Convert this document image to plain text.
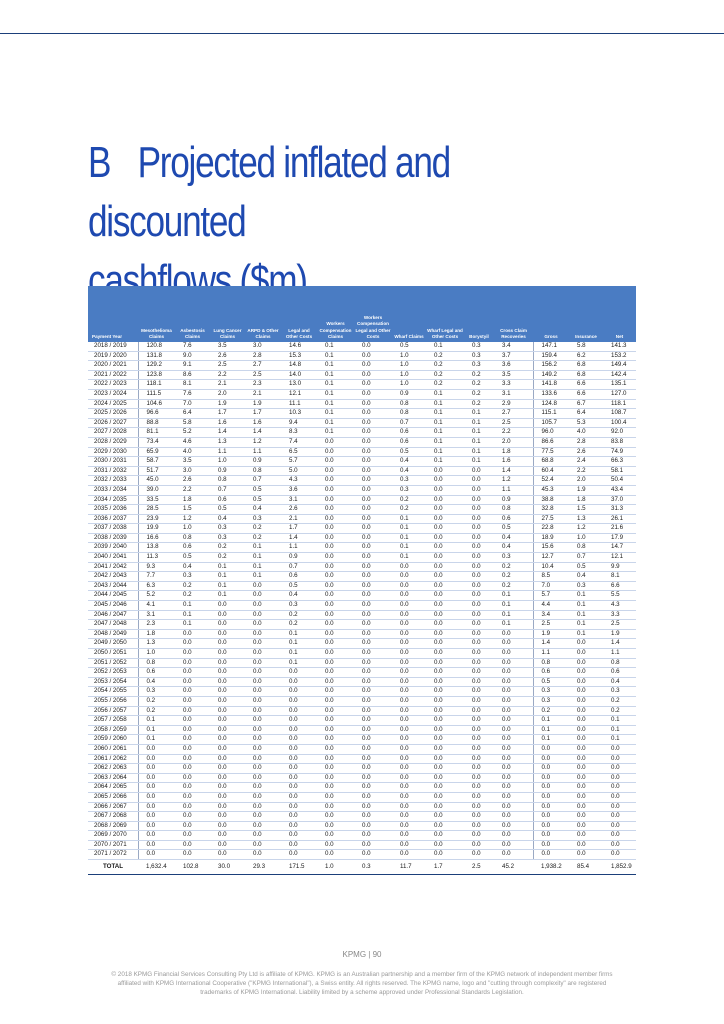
B Projected inflated and discounted
cashflows ($m)
Payment Year	Mesothelioma Claims	Asbestosis Claims	Lung Cancer Claims	ARPD & Other Claims	Legal and Other Costs	Workers Compensation Claims	Workers Compensation Legal and Other Costs	Wharf Claims	Wharf Legal and Other Costs	Borystyil	Cross Claim Recoveries	Gross	Insurance	Net
2018 / 2019	120.8	7.6	3.5	3.0	14.6	0.1	0.0	0.5	0.1	0.3	3.4	147.1	5.8	141.3
2019 / 2020	131.8	9.0	2.6	2.8	15.3	0.1	0.0	1.0	0.2	0.3	3.7	159.4	6.2	153.2
2020 / 2021	129.2	9.1	2.5	2.7	14.8	0.1	0.0	1.0	0.2	0.3	3.6	156.2	6.8	149.4
2021 / 2022	123.8	8.6	2.2	2.5	14.0	0.1	0.0	1.0	0.2	0.2	3.5	149.2	6.8	142.4
2022 / 2023	118.1	8.1	2.1	2.3	13.0	0.1	0.0	1.0	0.2	0.2	3.3	141.8	6.6	135.1
2023 / 2024	111.5	7.6	2.0	2.1	12.1	0.1	0.0	0.9	0.1	0.2	3.1	133.6	6.6	127.0
2024 / 2025	104.6	7.0	1.9	1.9	11.1	0.1	0.0	0.8	0.1	0.2	2.9	124.8	6.7	118.1
2025 / 2026	96.6	6.4	1.7	1.7	10.3	0.1	0.0	0.8	0.1	0.1	2.7	115.1	6.4	108.7
2026 / 2027	88.8	5.8	1.6	1.6	9.4	0.1	0.0	0.7	0.1	0.1	2.5	105.7	5.3	100.4
2027 / 2028	81.1	5.2	1.4	1.4	8.3	0.1	0.0	0.6	0.1	0.1	2.2	96.0	4.0	92.0
2028 / 2029	73.4	4.6	1.3	1.2	7.4	0.0	0.0	0.6	0.1	0.1	2.0	86.6	2.8	83.8
2029 / 2030	65.9	4.0	1.1	1.1	6.5	0.0	0.0	0.5	0.1	0.1	1.8	77.5	2.6	74.9
2030 / 2031	58.7	3.5	1.0	0.9	5.7	0.0	0.0	0.4	0.1	0.1	1.6	68.8	2.4	66.3
2031 / 2032	51.7	3.0	0.9	0.8	5.0	0.0	0.0	0.4	0.0	0.0	1.4	60.4	2.2	58.1
2032 / 2033	45.0	2.6	0.8	0.7	4.3	0.0	0.0	0.3	0.0	0.0	1.2	52.4	2.0	50.4
2033 / 2034	39.0	2.2	0.7	0.5	3.6	0.0	0.0	0.3	0.0	0.0	1.1	45.3	1.9	43.4
2034 / 2035	33.5	1.8	0.6	0.5	3.1	0.0	0.0	0.2	0.0	0.0	0.9	38.8	1.8	37.0
2035 / 2036	28.5	1.5	0.5	0.4	2.6	0.0	0.0	0.2	0.0	0.0	0.8	32.8	1.5	31.3
2036 / 2037	23.9	1.2	0.4	0.3	2.1	0.0	0.0	0.1	0.0	0.0	0.6	27.5	1.3	26.1
2037 / 2038	19.9	1.0	0.3	0.2	1.7	0.0	0.0	0.1	0.0	0.0	0.5	22.8	1.2	21.6
2038 / 2039	16.6	0.8	0.3	0.2	1.4	0.0	0.0	0.1	0.0	0.0	0.4	18.9	1.0	17.9
2039 / 2040	13.8	0.6	0.2	0.1	1.1	0.0	0.0	0.1	0.0	0.0	0.4	15.6	0.8	14.7
2040 / 2041	11.3	0.5	0.2	0.1	0.9	0.0	0.0	0.1	0.0	0.0	0.3	12.7	0.7	12.1
2041 / 2042	9.3	0.4	0.1	0.1	0.7	0.0	0.0	0.0	0.0	0.0	0.2	10.4	0.5	9.9
2042 / 2043	7.7	0.3	0.1	0.1	0.6	0.0	0.0	0.0	0.0	0.0	0.2	8.5	0.4	8.1
2043 / 2044	6.3	0.2	0.1	0.0	0.5	0.0	0.0	0.0	0.0	0.0	0.2	7.0	0.3	6.6
2044 / 2045	5.2	0.2	0.1	0.0	0.4	0.0	0.0	0.0	0.0	0.0	0.1	5.7	0.1	5.5
2045 / 2046	4.1	0.1	0.0	0.0	0.3	0.0	0.0	0.0	0.0	0.0	0.1	4.4	0.1	4.3
2046 / 2047	3.1	0.1	0.0	0.0	0.2	0.0	0.0	0.0	0.0	0.0	0.1	3.4	0.1	3.3
2047 / 2048	2.3	0.1	0.0	0.0	0.2	0.0	0.0	0.0	0.0	0.0	0.1	2.5	0.1	2.5
2048 / 2049	1.8	0.0	0.0	0.0	0.1	0.0	0.0	0.0	0.0	0.0	0.0	1.9	0.1	1.9
2049 / 2050	1.3	0.0	0.0	0.0	0.1	0.0	0.0	0.0	0.0	0.0	0.0	1.4	0.0	1.4
2050 / 2051	1.0	0.0	0.0	0.0	0.1	0.0	0.0	0.0	0.0	0.0	0.0	1.1	0.0	1.1
2051 / 2052	0.8	0.0	0.0	0.0	0.1	0.0	0.0	0.0	0.0	0.0	0.0	0.8	0.0	0.8
2052 / 2053	0.6	0.0	0.0	0.0	0.0	0.0	0.0	0.0	0.0	0.0	0.0	0.6	0.0	0.6
2053 / 2054	0.4	0.0	0.0	0.0	0.0	0.0	0.0	0.0	0.0	0.0	0.0	0.5	0.0	0.4
2054 / 2055	0.3	0.0	0.0	0.0	0.0	0.0	0.0	0.0	0.0	0.0	0.0	0.3	0.0	0.3
2055 / 2056	0.2	0.0	0.0	0.0	0.0	0.0	0.0	0.0	0.0	0.0	0.0	0.3	0.0	0.2
2056 / 2057	0.2	0.0	0.0	0.0	0.0	0.0	0.0	0.0	0.0	0.0	0.0	0.2	0.0	0.2
2057 / 2058	0.1	0.0	0.0	0.0	0.0	0.0	0.0	0.0	0.0	0.0	0.0	0.1	0.0	0.1
2058 / 2059	0.1	0.0	0.0	0.0	0.0	0.0	0.0	0.0	0.0	0.0	0.0	0.1	0.0	0.1
2059 / 2060	0.1	0.0	0.0	0.0	0.0	0.0	0.0	0.0	0.0	0.0	0.0	0.1	0.0	0.1
2060 / 2061	0.0	0.0	0.0	0.0	0.0	0.0	0.0	0.0	0.0	0.0	0.0	0.0	0.0	0.0
2061 / 2062	0.0	0.0	0.0	0.0	0.0	0.0	0.0	0.0	0.0	0.0	0.0	0.0	0.0	0.0
2062 / 2063	0.0	0.0	0.0	0.0	0.0	0.0	0.0	0.0	0.0	0.0	0.0	0.0	0.0	0.0
2063 / 2064	0.0	0.0	0.0	0.0	0.0	0.0	0.0	0.0	0.0	0.0	0.0	0.0	0.0	0.0
2064 / 2065	0.0	0.0	0.0	0.0	0.0	0.0	0.0	0.0	0.0	0.0	0.0	0.0	0.0	0.0
2065 / 2066	0.0	0.0	0.0	0.0	0.0	0.0	0.0	0.0	0.0	0.0	0.0	0.0	0.0	0.0
2066 / 2067	0.0	0.0	0.0	0.0	0.0	0.0	0.0	0.0	0.0	0.0	0.0	0.0	0.0	0.0
2067 / 2068	0.0	0.0	0.0	0.0	0.0	0.0	0.0	0.0	0.0	0.0	0.0	0.0	0.0	0.0
2068 / 2069	0.0	0.0	0.0	0.0	0.0	0.0	0.0	0.0	0.0	0.0	0.0	0.0	0.0	0.0
2069 / 2070	0.0	0.0	0.0	0.0	0.0	0.0	0.0	0.0	0.0	0.0	0.0	0.0	0.0	0.0
2070 / 2071	0.0	0.0	0.0	0.0	0.0	0.0	0.0	0.0	0.0	0.0	0.0	0.0	0.0	0.0
2071 / 2072	0.0	0.0	0.0	0.0	0.0	0.0	0.0	0.0	0.0	0.0	0.0	0.0	0.0	0.0
TOTAL	1,632.4	102.8	30.0	29.3	171.5	1.0	0.3	11.7	1.7	2.5	45.2	1,938.2	85.4	1,852.9
KPMG | 90
© 2018 KPMG Financial Services Consulting Pty Ltd is affiliate of KPMG. KPMG is an Australian partnership and a member firm of the KPMG network of independent member firms
affiliated with KPMG International Cooperative ("KPMG International"), a Swiss entity. All rights reserved. The KPMG name, logo and "cutting through complexity" are registered
trademarks of KPMG International. Liability limited by a scheme approved under Professional Standards Legislation.
